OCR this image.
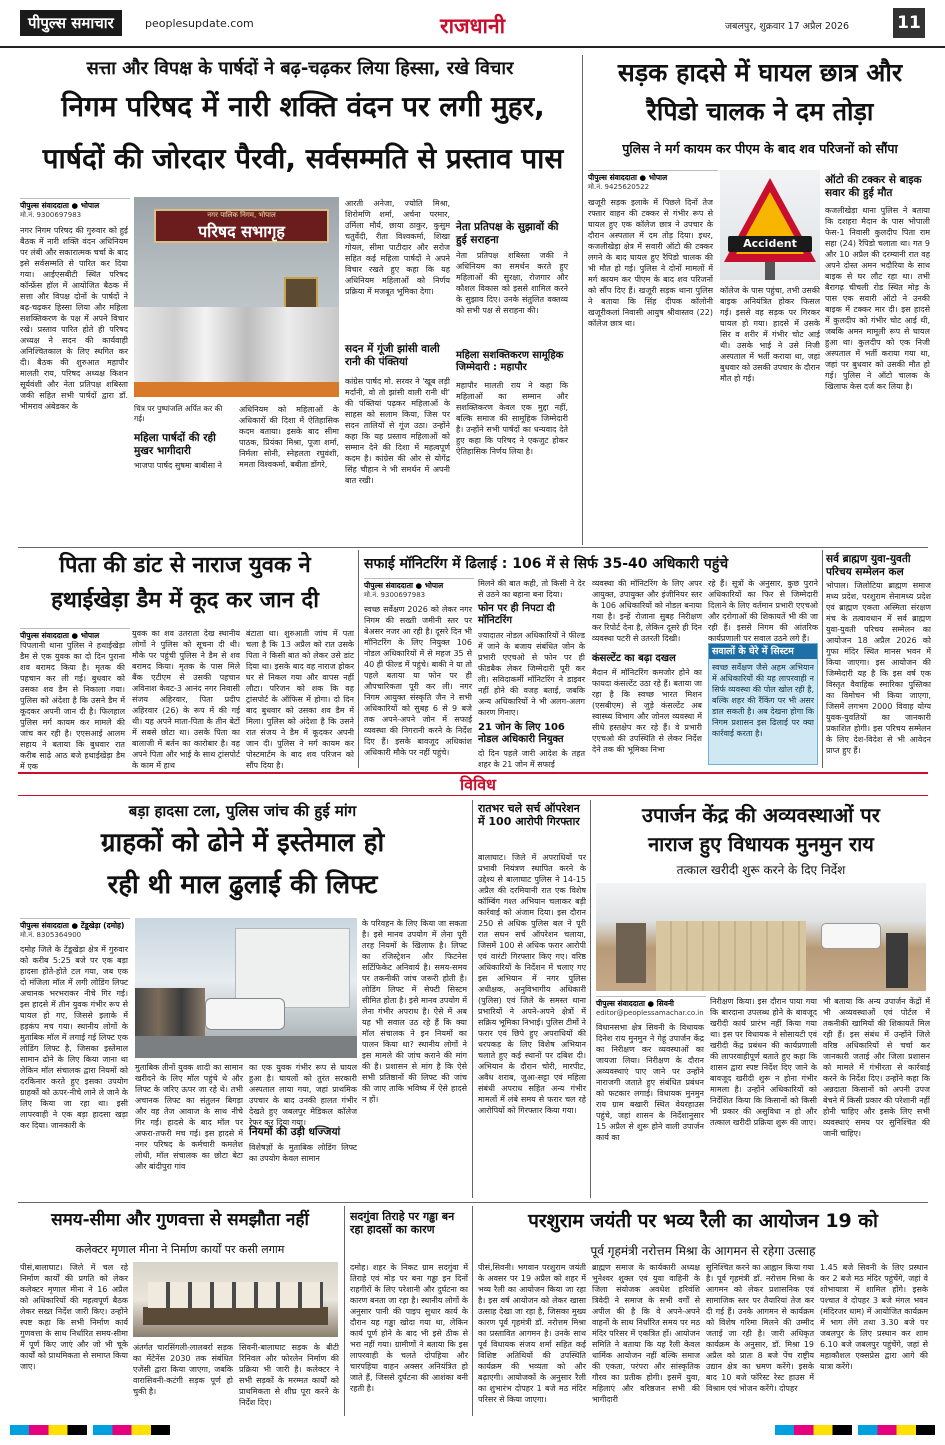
पीपुल्स समाचार	peoplesupdate.com	राजधानी	जबलपुर, शुक्रवार 17 अप्रैल 2026	11
सत्ता और विपक्ष के पार्षदों ने बढ़-चढ़कर लिया हिस्सा, रखे विचार
निगम परिषद में नारी शक्ति वंदन पर लगी मुहर,
पार्षदों की जोरदार पैरवी, सर्वसम्मति से प्रस्ताव पास
पीपुल्स संवाददाता ● भोपाल
मो.नं. 9300697983
नगर निगम परिषद की गुरुवार को हुई बैठक में नारी शक्ति वंदन अधिनियम पर लंबी और सकारात्मक चर्चा के बाद इसे सर्वसम्मति से पारित कर दिया गया। आईएसबीटी स्थित परिषद कॉन्फ्रेंस हॉल में आयोजित बैठक में सत्ता और विपक्ष दोनों के पार्षदों ने बढ़-चढ़कर हिस्सा लिया और महिला सशक्तिकरण के पक्ष में अपने विचार रखे। प्रस्ताव पारित होते ही परिषद अध्यक्ष ने सदन की कार्यवाही अनिश्चितकाल के लिए स्थगित कर दी। बैठक की शुरुआत महापौर मालती राय, परिषद अध्यक्ष किशन सूर्यवंशी और नेता प्रतिपक्ष शबिस्ता जकी सहित सभी पार्षदों द्वारा डॉ. भीमराव अंबेडकर के
नगर पालिक निगम, भोपाल
परिषद सभागृह
चित्र पर पुष्पांजलि अर्पित कर की गई।
महिला पार्षदों की रही मुखर भागीदारी
भाजपा पार्षद सुषमा बाबीसा ने
अधिनियम को महिलाओं के अधिकारों की दिशा में ऐतिहासिक कदम बताया। इसके बाद सीमा पाठक, प्रियंका मिश्रा, पूजा शर्मा, निर्मला सोनी, स्नेहलता रघुवंशी, ममता विश्वकर्मा, बबीता डोंगरे,
आरती अनेजा, ज्योति मिश्रा, शिरोमणि शर्मा, अर्चना परमार, उर्मिला मौर्य, छाया ठाकुर, कुसुम चतुर्वेदी, रीता विश्वकर्मा, शिखा गोयल, सीमा पाटीदार और सरोज सहित कई महिला पार्षदों ने अपने विचार रखते हुए कहा कि यह अधिनियम महिलाओं को निर्णय प्रक्रिया में मजबूत भूमिका देगा।
सदन में गूंजी झांसी वाली रानी की पंक्तियां
कांग्रेस पार्षद मो. सरवर ने 'खूब लड़ी मर्दानी, वो तो झांसी वाली रानी थी' की पंक्तियां पढ़कर महिलाओं के साहस को सलाम किया, जिस पर सदन तालियों से गूंज उठा। उन्होंने कहा कि यह प्रस्ताव महिलाओं को सम्मान देने की दिशा में महत्वपूर्ण कदम है। कांग्रेस की ओर से योगेंद्र सिंह चौहान ने भी समर्थन में अपनी बात रखी।
नेता प्रतिपक्ष के सुझावों की हुई सराहना
नेता प्रतिपक्ष शबिस्ता जकी ने अधिनियम का समर्थन करते हुए महिलाओं की सुरक्षा, रोजगार और कौशल विकास को इससे शामिल करने के सुझाव दिए। उनके संतुलित वक्तव्य को सभी पक्ष से सराहना की।
महिला सशक्तिकरण सामूहिक जिम्मेदारी : महापौर
महापौर मालती राय ने कहा कि महिलाओं का सम्मान और सशक्तिकरण केवल एक मुद्दा नहीं, बल्कि समाज की सामूहिक जिम्मेदारी है। उन्होंने सभी पार्षदों का धन्यवाद देते हुए कहा कि परिषद ने एकजुट होकर ऐतिहासिक निर्णय लिया है।
सड़क हादसे में घायल छात्र और
रैपिडो चालक ने दम तोड़ा
पुलिस ने मर्ग कायम कर पीएम के बाद शव परिजनों को सौंपा
पीपुल्स संवाददाता ● भोपाल
मो.नं. 9425620522
खजूरी सड़क इलाके में पिछले दिनों तेज रफ्तार वाहन की टक्कर से गंभीर रूप से घायल हुए एक कॉलेज छात्र ने उपचार के दौरान अस्पताल में दम तोड़ दिया। इधर, कजलीखेड़ा क्षेत्र में सवारी ऑटो की टक्कर लगने के बाद घायल हुए रैपिडो चालक की भी मौत हो गई। पुलिस ने दोनों मामलों में मर्ग कायम कर पीएम के बाद शव परिजनों को सौंप दिए हैं। खजूरी सड़क थाना पुलिस ने बताया कि सिंह दीपक कॉलोनी खजूरीकलां निवासी आयुष श्रीवास्तव (22) कॉलेज छात्र था।
Accident
कॉलेज के पास पहुंचा, तभी उसकी बाइक अनियंत्रित होकर फिसल गई। इससे वह सड़क पर गिरकर घायल हो गया। हादसे में उसके सिर व शरीर में गंभीर चोट आई थी। उसके भाई ने उसे निजी अस्पताल में भर्ती कराया था, जहां बुधवार को उसकी उपचार के दौरान मौत हो गई।
ऑटो की टक्कर से बाइक सवार की हुई मौत
कजलीखेड़ा थाना पुलिस ने बताया कि दशहरा मैदान के पास भोपाली फेस-1 निवासी कुलदीप पिता राम सहा (24) रैपिडो चलाता था। गत 9 और 10 अप्रैल की दरम्यानी रात वह अपने दोस्त अमन भदौरिया के साथ बाइक से घर लौट रहा था। तभी बैरागढ़ चीचली रोड स्थित मोड़ के पास एक सवारी ऑटो ने उनकी बाइक में टक्कर मार दी। इस हादसे में कुलदीप को गंभीर चोट आई थी, जबकि अमन मामूली रूप से घायल हुआ था। कुलदीप को एक निजी अस्पताल में भर्ती कराया गया था, जहां पर बुधवार को उसकी मौत हो गई। पुलिस ने ऑटो चालक के खिलाफ केस दर्ज कर लिया है।
पिता की डांट से नाराज युवक ने
हथाईखेड़ा डैम में कूद कर जान दी
पीपुल्स संवाददाता ● भोपाल
पिपलानी थाना पुलिस ने हथाईखेड़ा डैम से एक युवक का दो दिन पुराना शव बरामद किया है। मृतक की पहचान कर ली गई। बुधवार को उसका शव डैम से निकाला गया। पुलिस को अंदेशा है कि उसने डैम में कूदकर अपनी जान दी है। फिलहाल पुलिस मर्ग कायम कर मामले की जांच कर रही है। एएसआई आलम सहाय ने बताया कि बुधवार रात करीब साढ़े आठ बजे हथाईखेड़ा डैम में एक
युवक का शव उतराता देख स्थानीय लोगों ने पुलिस को सूचना दी थी। मौके पर पहुंची पुलिस ने डैम से शव बरामद किया। मृतक के पास मिले बैंक एटीएम से उसकी पहचान अविनाश केवट-3 आनंद नगर निवासी संजय अहिरवार, पिता प्रदीप अहिरवार (26) के रूप में की गई थी। यह अपने माता-पिता के तीन बेटों में सबसे छोटा था। उसके पिता का बालाजी में बर्तन का कारोबार है। वह अपने पिता और भाई के साथ ट्रांसपोर्ट के काम में हाथ
बंटाता था। शुरुआती जांच में पता चला है कि 13 अप्रैल को रात उसके पिता ने किसी बात को लेकर उसे डांट दिया था। इसके बाद वह नाराज होकर घर से निकल गया और वापस नहीं लौटा। परिजन को शक कि वह ट्रांसपोर्ट के ऑफिस में होगा। दो दिन बाद बुधवार को उसका शव डैम में मिला। पुलिस को अंदेशा है कि उसने रात संजय ने डैम में कूदकर अपनी जान दी। पुलिस ने मर्ग कायम कर पोस्टमार्टम के बाद शव परिजन को सौंप दिया है।
सफाई मॉनिटरिंग में ढिलाई : 106 में से सिर्फ 35-40 अधिकारी पहुंचे
पीपुल्स संवाददाता ● भोपाल
मो.नं. 9300697983
स्वच्छ सर्वेक्षण 2026 को लेकर नगर निगम की सख्ती जमीनी स्तर पर बेअसर नजर आ रही है। दूसरे दिन भी मॉनिटरिंग के लिए नियुक्त 106 नोडल अधिकारियों में से महज 35 से 40 ही फील्ड में पहुंचे। बाकी ने या तो पहले बताया या फोन पर ही औपचारिकता पूरी कर ली। नगर निगम आयुक्त संस्कृति जैन ने सभी अधिकारियों को सुबह 6 से 9 बजे तक अपने-अपने जोन में सफाई व्यवस्था की निगरानी करने के निर्देश दिए हैं। इसके बावजूद अधिकांश अधिकारी मौके पर नहीं पहुंचे।
मिलने की बात कही, तो किसी ने देर से उठने का बहाना बना दिया।
फोन पर ही निपटा दी मॉनिटरिंग
ज्यादातर नोडल अधिकारियों ने फील्ड में जाने के बजाय संबंधित जोन के प्रभारी एएचओ से फोन पर ही फीडबैक लेकर जिम्मेदारी पूरी कर ली। सविदाकर्मी मॉनिटरिंग ने डाइवर नहीं होने की वजह बताई, जबकि अन्य अधिकारियों ने भी अलग-अलग कारण गिनाए।
21 जोन के लिए 106 नोडल अधिकारी नियुक्त
दो दिन पहले जारी आदेश के तहत शहर के 21 जोन में सफाई
व्यवस्था की मॉनिटरिंग के लिए अपर आयुक्त, उपायुक्त और इंजीनियर स्तर के 106 अधिकारियों को नोडल बनाया गया है। इन्हें रोजाना सुबह निरीक्षण कर रिपोर्ट देना है, लेकिन दूसरे ही दिन व्यवस्था पटरी से उतरती दिखी।
कंसल्टेंट का बढ़ा दखल
मैदान में मॉनिटरिंग कमजोर होने का फायदा कंसल्टेंट उठा रहे हैं। बताया जा रहा है कि स्वच्छ भारत मिशन (एसबीएम) से जुड़े कंसल्टेंट अब स्वास्थ्य विभाग और जोनल व्यवस्था में सीधे हस्तक्षेप कर रहे हैं। वे प्रभारी एएचओ की उपस्थिति से लेकर निर्देश देने तक की भूमिका निभा
रहे हैं। सूत्रों के अनुसार, कुछ पुराने अधिकारियों का फिर से जिम्मेदारी दिलाने के लिए वर्तमान प्रभारी एएचओ और दरोगाओं की शिकायतें भी की जा रही हैं। इससे निगम की आंतरिक कार्यप्रणाली पर सवाल उठने लगे हैं।
सवालों के घेरे में सिस्टम
स्वच्छ सर्वेक्षण जैसे अहम अभियान में अधिकारियों की यह लापरवाही न सिर्फ व्यवस्था की पोल खोल रही है, बल्कि शहर की रैंकिंग पर भी असर डाल सकती है। अब देखना होगा कि निगम प्रशासन इस ढिलाई पर क्या कार्रवाई करता है।
सर्व ब्राह्मण युवा-युवती परिचय सम्मेलन कल
भोपाल। जिलोटिया ब्राह्मण समाज मध्य प्रदेश, परशुराम सेनामध्य प्रदेश एवं ब्राह्मण एकता अस्मिता संरक्षण मंच के तत्वावधान में सर्व ब्राह्मण युवा-युवती परिचय सम्मेलन का आयोजन 18 अप्रैल 2026 को गुफा मंदिर स्थित मानस भवन में किया जाएगा। इस आयोजन की जिम्मेदारी यह है कि इस वर्ष एक विस्तृत वैवाहिक स्मारिका पुस्तिका का विमोचन भी किया जाएगा, जिसमें लगभग 2000 विवाह योग्य युवक-युवतियों का जानकारी प्रकाशित होगी। इस परिचय सम्मेलन के लिए देश-विदेश से भी आवेदन प्राप्त हुए हैं।
विविध
बड़ा हादसा टला, पुलिस जांच की हुई मांग
ग्राहकों को ढोने में इस्तेमाल हो
रही थी माल ढुलाई की लिफ्ट
पीपुल्स संवाददाता ● टेंडूखेड़ा (दमोह)
मो.नं. 8305364900
दमोह जिले के टेंडूखेड़ा क्षेत्र में गुरुवार को करीब 5:25 बजे पर एक बड़ा हादसा होते-होते टल गया, जब एक दो मंजिला मॉल में लगी लोडिंग लिफ्ट अचानक भरभराकर नीचे गिर गई। इस हादसे में तीन युवक गंभीर रूप से घायल हो गए, जिससे इलाके में हड़कंप मच गया। स्थानीय लोगों के मुताबिक मॉल में लगाई गई लिफ्ट एक लोडिंग लिफ्ट है, जिसका इस्तेमाल सामान ढोने के लिए किया जाना था लेकिन मॉल संचालक द्वारा नियमों को दरकिनार करते हुए इसका उपयोग ग्राहकों को ऊपर-नीचे लाने ले जाने के लिए किया जा रहा था। इसी लापरवाही ने एक बड़ा हादसा खड़ा कर दिया। जानकारी के
मुताबिक तीनों युवक शादी का सामान खरीदने के लिए मॉल पहुंचे थे और लिफ्ट के जरिए ऊपर जा रहे थे। तभी अचानक लिफ्ट का संतुलन बिगड़ा और वह तेज आवाज के साथ नीचे गिर गई। हादसे के बाद मॉल पर अफरा-तफरी मच गई। इस हादसे में नगर परिषद के कर्मचारी कमलेश लोधी, मॉल संचालक का छोटा बेटा और बांदीपुरा गांव
का एक युवक गंभीर रूप से घायल हुआ है। घायलों को तुरंत सरकारी अस्पताल लाया गया, जहां प्राथमिक उपचार के बाद उनकी हालत गंभीर देखते हुए जबलपुर मेडिकल कॉलेज रेफर कर दिया गया।
नियमों की उड़ी धज्जियां
विशेषज्ञों के मुताबिक लोडिंग लिफ्ट का उपयोग केवल सामान
के परिवहन के लिए किया जा सकता है। इसे मानव उपयोग में लेना पूरी तरह नियमों के खिलाफ है। लिफ्ट का रजिस्ट्रेशन और फिटनेस सर्टिफिकेट अनिवार्य है। समय-समय पर तकनीकी जांच जरूरी होती है। लोडिंग लिफ्ट में सेफ्टी सिस्टम सीमित होता है। इसे मानव उपयोग में लेना गंभीर अपराध है। ऐसे में अब यह भी सवाल उठ रहे हैं कि क्या मॉल संचालक ने इन नियमों का पालन किया था? स्थानीय लोगों ने इस मामले की जांच कराने की मांग की है। प्रशासन से मांग है कि ऐसे सभी प्रतिष्ठानों की लिफ्ट की जांच की जाए ताकि भविष्य में ऐसे हादसे न हों।
रातभर चले सर्च ऑपरेशन में 100 आरोपी गिरफ्तार
बालाघाट। जिले में अपराधियों पर प्रभावी नियंत्रण स्थापित करने के उद्देश्य से बालाघाट पुलिस ने 14-15 अप्रैल की दरमियानी रात एक विशेष कॉम्बिंग गश्त अभियान चलाकर बड़ी कार्रवाई को अंजाम दिया। इस दौरान 250 से अधिक पुलिस बल ने पूरी रात सघन सर्च ऑपरेशन चलाया, जिसमें 100 से अधिक फरार आरोपी एवं वारंटी गिरफ्तार किए गए। वरिष्ठ अधिकारियों के निर्देशन में चलाए गए इस अभियान में नगर पुलिस अधीक्षक, अनुविभागीय अधिकारी (पुलिस) एवं जिले के समस्त थाना प्रभारियों ने अपने-अपने क्षेत्रों में सक्रिय भूमिका निभाई। पुलिस टीमों ने फरार एवं छिपे हुए अपराधियों की धरपकड़ के लिए विशेष अभियान चलाते हुए कई स्थानों पर दबिश दी। अभियान के दौरान चोरी, मारपीट, अवैध शराब, जुआ-सट्टा एवं महिला संबंधी अपराध सहित अन्य गंभीर मामलों में लंबे समय से फरार चल रहे आरोपियों को गिरफ्तार किया गया।
उपार्जन केंद्र की अव्यवस्थाओं पर
नाराज हुए विधायक मुनमुन राय
तत्काल खरीदी शुरू करने के दिए निर्देश
पीपुल्स संवाददाता ● सिवनी
editor@peoplessamachar.co.in
विधानसभा क्षेत्र सिवनी के विधायक दिनेश राय मुनमुन ने गेहूं उपार्जन केंद्र का निरीक्षण कर व्यवस्थाओं का जायजा लिया। निरीक्षण के दौरान अव्यवस्थाएं पाए जाने पर उन्होंने नाराजगी जताते हुए संबंधित प्रबंधन को फटकार लगाई। विधायक मुनमुन राय ग्राम बखारी स्थित वेयरहाउस पहुंचे, जहां शासन के निर्देशानुसार 15 अप्रैल से शुरू होने वाली उपार्जन कार्य का
निरीक्षण किया। इस दौरान पाया गया कि बारदाना उपलब्ध होने के बावजूद खरीदी कार्य प्रारंभ नहीं किया गया था। इस पर विधायक ने सोसायटी एवं खरीदी केंद्र प्रबंधन की कार्यप्रणाली की लापरवाहीपूर्ण बताते हुए कहा कि शासन द्वारा स्पष्ट निर्देश दिए जाने के बावजूद खरीदी शुरू न होना गंभीर मामला है। उन्होंने अधिकारियों को निर्देशित किया कि किसानों को किसी भी प्रकार की असुविधा न हो और तत्काल खरीदी प्रक्रिया शुरू की जाए।
भी बताया कि अन्य उपार्जन केंद्रों में भी अव्यवस्थाओं एवं पोर्टल में तकनीकी खामियों की शिकायतें मिल रही हैं। इस संबंध में उन्होंने जिले वरिष्ठ अधिकारियों से चर्चा कर जानकारी जताई और जिला प्रशासन को मामले में गंभीरता से कार्रवाई करने के निर्देश दिए। उन्होंने कहा कि अन्नदाता किसानों को अपनी उपज बेचने में किसी प्रकार की परेशानी नहीं होनी चाहिए और इसके लिए सभी व्यवस्थाएं समय पर सुनिश्चित की जानी चाहिए।
समय-सीमा और गुणवत्ता से समझौता नहीं
कलेक्टर मृणाल मीना ने निर्माण कार्यों पर कसी लगाम
पीसं,बालाघाट। जिले में चल रहे निर्माण कार्यों की प्रगति को लेकर कलेक्टर मृणाल मीना ने 16 अप्रैल को अधिकारियों की महत्वपूर्ण बैठक लेकर सख्त निर्देश जारी किए। उन्होंने स्पष्ट कहा कि सभी निर्माण कार्य गुणवत्ता के साथ निर्धारित समय-सीमा में पूर्ण किए जाएं और जो भी चूके कार्यों को प्राथमिकता से समाप्त किया जाए।
अंतर्गत चारसिंगली-लालबर्रा सड़क का मेंटेनेंस 2030 तक संबंधित एजेंसी द्वारा किया जाएगा, जबकि वारासिवनी-कटंगी सड़क पूर्ण हो चुकी है।
सिवनी-बालाघाट सड़क के बीटी रिनिवल और फोरलेन निर्माण की प्रक्रिया भी जारी है। कलेक्टर ने सभी सड़कों के मरम्मत कार्यों को प्राथमिकता से शीघ्र पूरा करने के निर्देश दिए।
सदगुंवा तिराहे पर गड्ढा बन रहा हादसों का कारण
दमोह। शहर के निकट ग्राम सदगुंवा में तिराहे एवं मोड़ पर बना गड्ढा इन दिनों राहगीरों के लिए परेशानी और दुर्घटना का कारण बनता जा रहा है। स्थानीय लोगों के अनुसार पानी की पाइप सुधार कार्य के दौरान यह गड्ढा खोदा गया था, लेकिन कार्य पूर्ण होने के बाद भी इसे ठीक से भरा नहीं गया। ग्रामीणों ने बताया कि इस लापरवाही के चलते दोपहिया और चारपहिया वाहन अक्सर अनियंत्रित हो जाते हैं, जिससे दुर्घटना की आशंका बनी रहती है।
परशुराम जयंती पर भव्य रैली का आयोजन 19 को
पूर्व गृहमंत्री नरोत्तम मिश्रा के आगमन से रहेगा उत्साह
पीसं,सिवनी। भगवान परशुराम जयंती के अवसर पर 19 अप्रैल को शहर में भव्य रैली का आयोजन किया जा रहा है। इस वर्ष आयोजन को लेकर खासा उत्साह देखा जा रहा है, जिसका मुख्य कारण पूर्व गृहमंत्री डॉ. नरोत्तम मिश्रा का प्रस्तावित आगमन है। उनके साथ पूर्व विधायक संजय शर्मा सहित कई विशिष्ट अतिथियों की उपस्थिति कार्यक्रम की भव्यता को और बढ़ाएगी। आयोजकों के अनुसार रैली का शुभारंभ दोपहर 1 बजे मठ मंदिर परिसर से किया जाएगा।
ब्राह्मण समाज के कार्यकारी अध्यक्ष भुनेश्वर शुक्ल एवं युवा वाहिनी के जिला संयोजक अवधेश हरिवंशि त्रिवेदी ने समाज के सभी वर्गों से अपील की है कि वे अपने-अपने वाहनों के साथ निर्धारित समय पर मठ मंदिर परिसर में एकत्रित हों। आयोजन समिति ने बताया कि यह रैली केवल धार्मिक आयोजन नहीं बल्कि समाज की एकता, परंपरा और सांस्कृतिक गौरव का प्रतीक होगी। इसमें युवा, महिलाएं और वरिष्ठजन सभी की भागीदारी
सुनिश्चित करने का आह्वान किया गया है। पूर्व गृहमंत्री डॉ. नरोत्तम मिश्रा के आगमन को लेकर प्रशासनिक एवं सामाजिक स्तर पर तैयारियां तेज कर दी गई हैं। उनके आगमन से कार्यक्रम को विशेष गरिमा मिलने की उम्मीद जताई जा रही है। जारी अधिकृत कार्यक्रम के अनुसार, डॉ. मिश्रा 19 अप्रैल को प्रातः 8 बजे पेंच राष्ट्रीय उद्यान क्षेत्र का भ्रमण करेंगे। इसके बाद 10 बजे फॉरेस्ट रेस्ट हाउस में विश्राम एवं भोजन करेंगे। दोपहर
1.45 बजे सिवनी के लिए प्रस्थान कर 2 बजे मठ मंदिर पहुंचेंगे, जहां वे शोभायात्रा में शामिल होंगे। इसके पश्चात वे दोपहर 3 बजे मंगल भवन (मंदिरजर धाम) में आयोजित कार्यक्रम में भाग लेंगे तथा 3.30 बजे पर जबलपुर के लिए प्रस्थान कर शाम 6.10 बजे जबलपुर पहुंचेंगे, जहां से महाकौशल एक्सप्रेस द्वारा आगे की यात्रा करेंगे।
